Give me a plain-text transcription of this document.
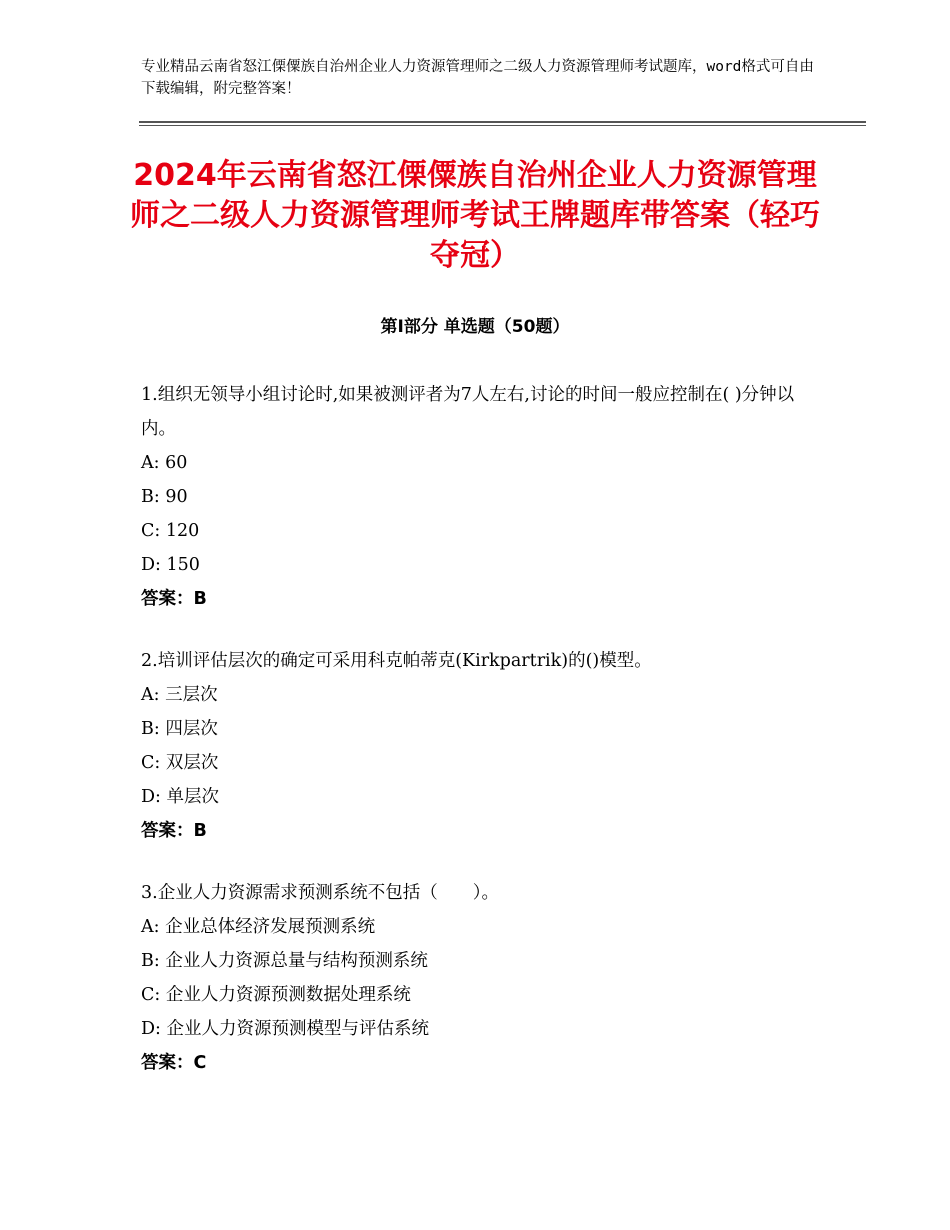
专业精品云南省怒江傈僳族自治州企业人力资源管理师之二级人力资源管理师考试题库，word格式可自由下载编辑，附完整答案！
2024年云南省怒江傈僳族自治州企业人力资源管理师之二级人力资源管理师考试王牌题库带答案（轻巧夺冠）
第Ⅰ部分 单选题（50题）
1.组织无领导小组讨论时,如果被测评者为7人左右,讨论的时间一般应控制在( )分钟以内。
A: 60
B: 90
C: 120
D: 150
答案：B
2.培训评估层次的确定可采用科克帕蒂克(Kirkpartrik)的()模型。
A: 三层次
B: 四层次
C: 双层次
D: 单层次
答案：B
3.企业人力资源需求预测系统不包括（　　）。
A: 企业总体经济发展预测系统
B: 企业人力资源总量与结构预测系统
C: 企业人力资源预测数据处理系统
D: 企业人力资源预测模型与评估系统
答案：C
